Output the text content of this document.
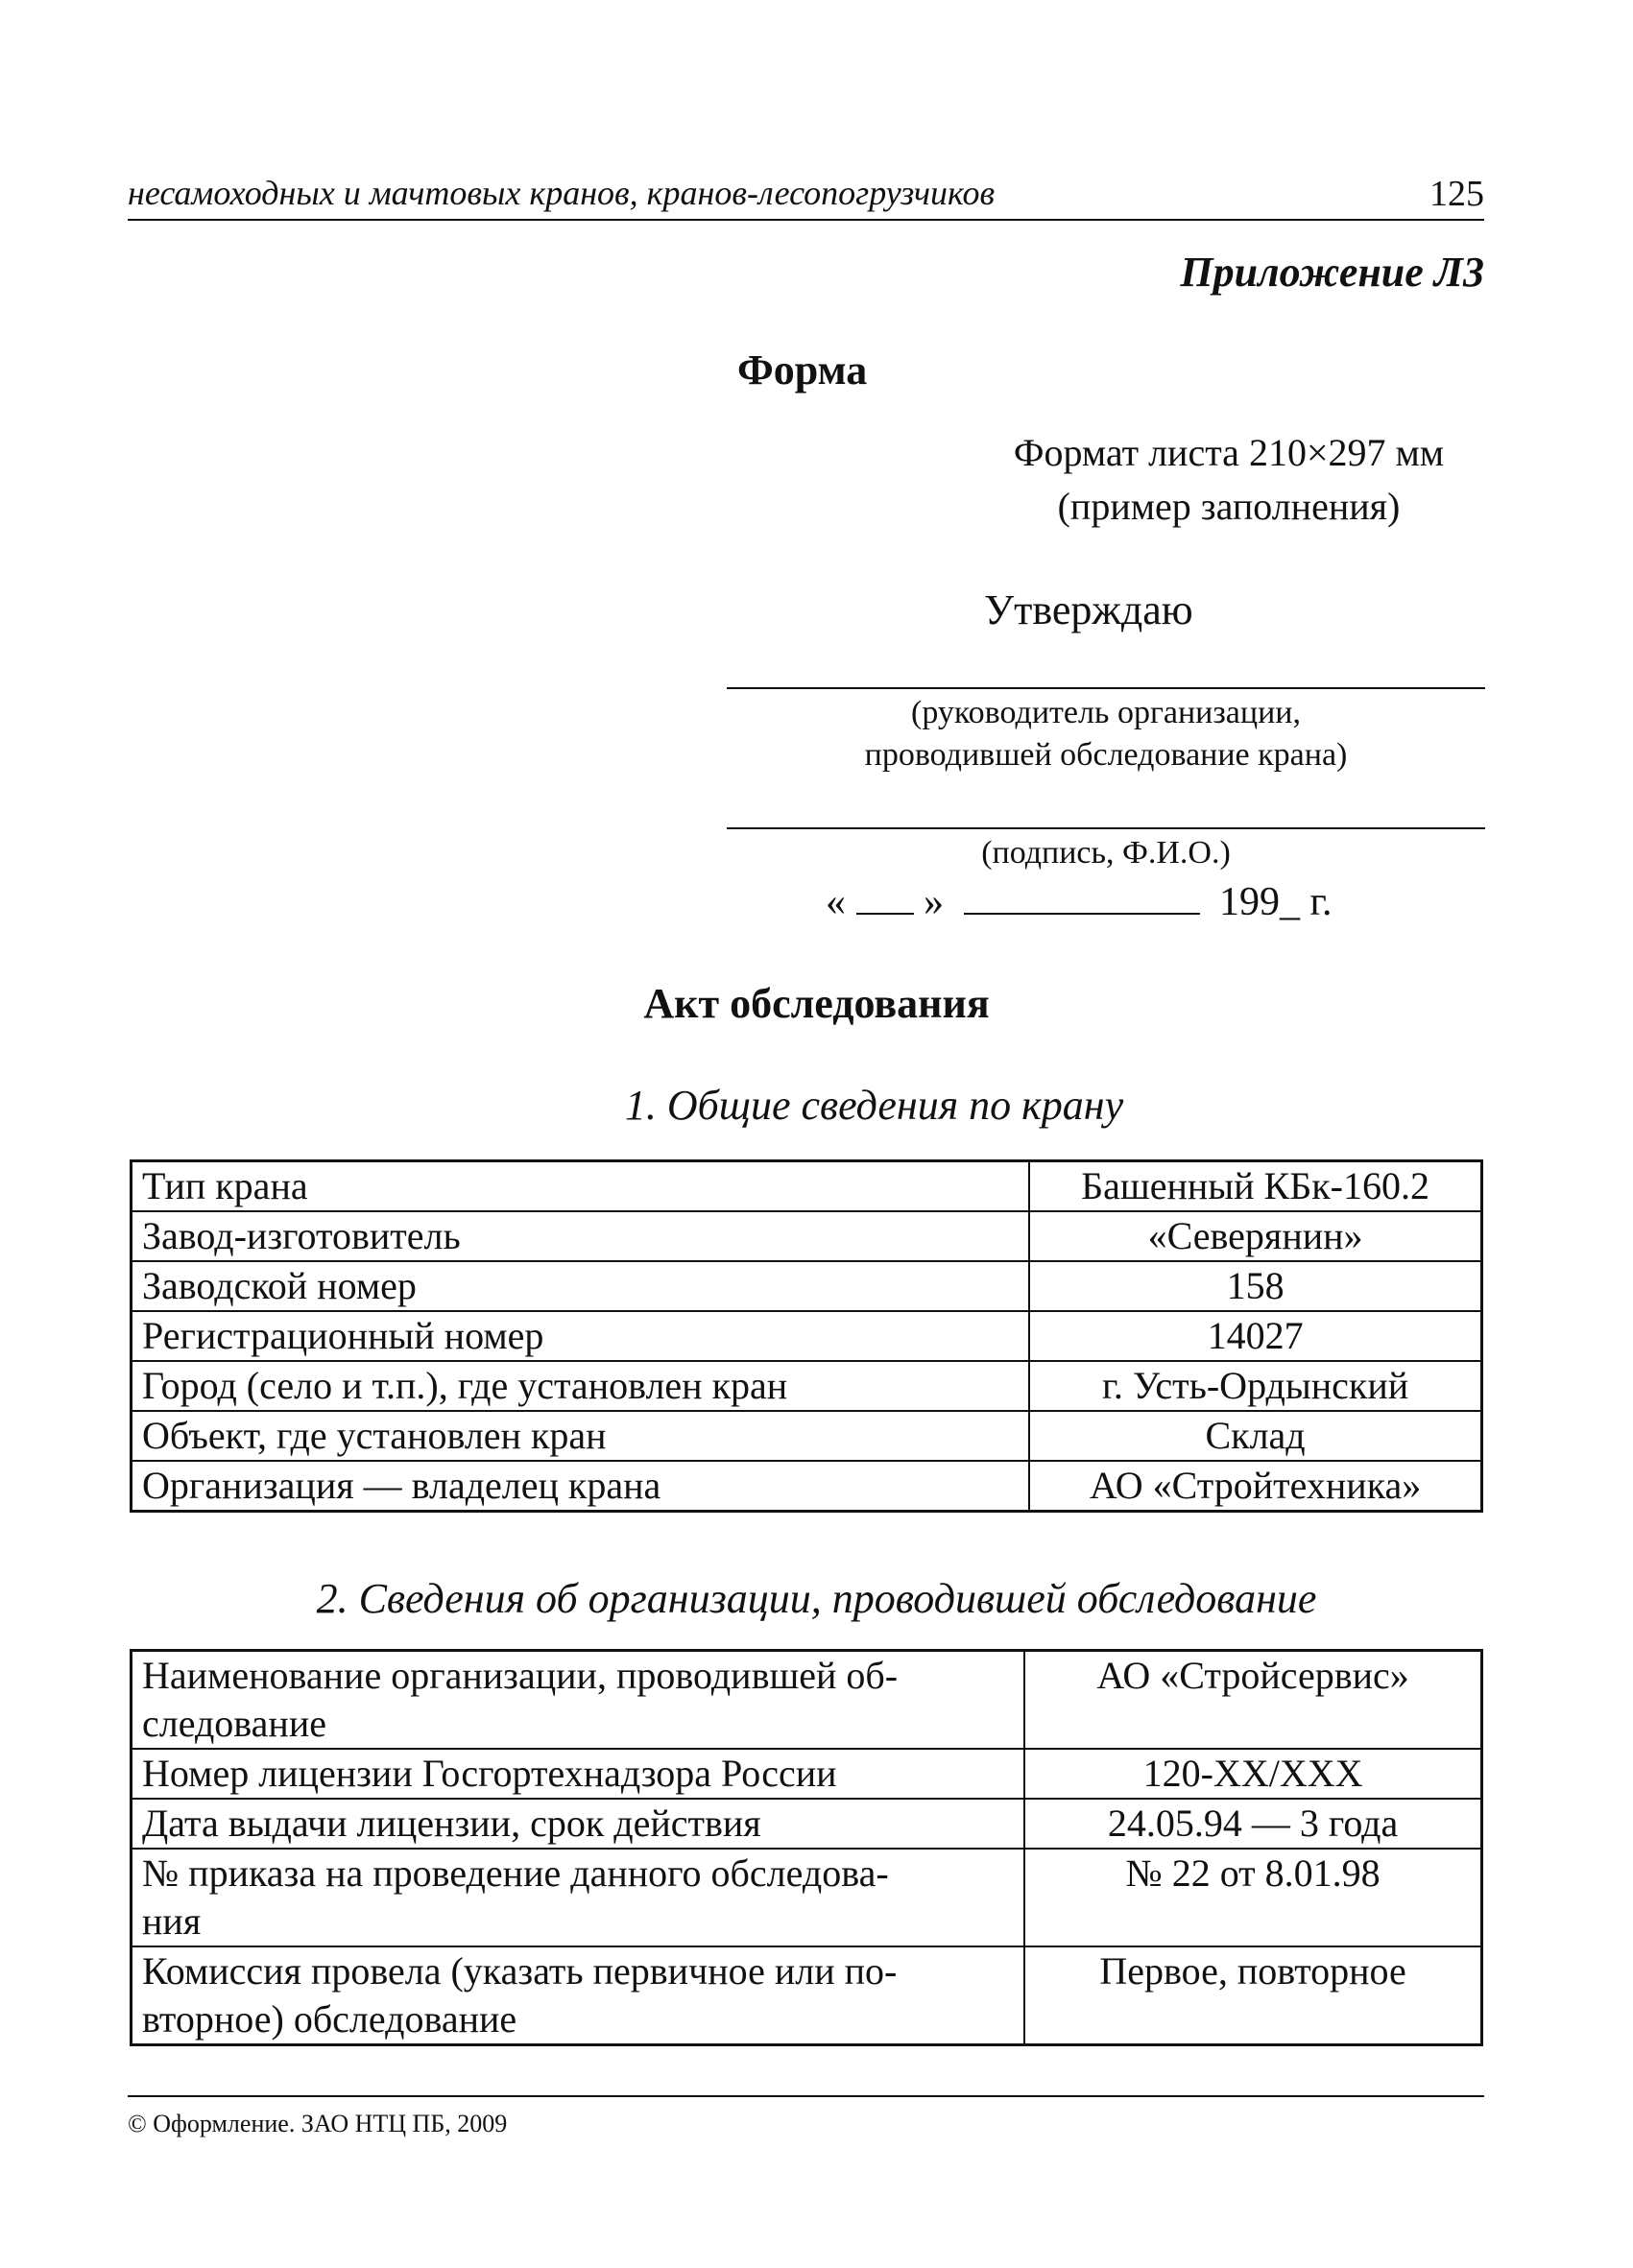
несамоходных и мачтовых кранов, кранов-лесопогрузчиков	125
Приложение Л3
Форма
Формат листа 210×297 мм
(пример заполнения)
Утверждаю
(руководитель организации,
проводившей обследование крана)
(подпись, Ф.И.О.)
« »	199_ г.
Акт обследования
1. Общие сведения по крану
Тип крана	Башенный КБк-160.2
Завод-изготовитель	«Северянин»
Заводской номер	158
Регистрационный номер	14027
Город (село и т.п.), где установлен кран	г. Усть-Ордынский
Объект, где установлен кран	Склад
Организация — владелец крана	АО «Стройтехника»
2. Сведения об организации, проводившей обследование
Наименование организации, проводившей об-
следование	АО «Стройсервис»
Номер лицензии Госгортехнадзора России	120-XX/XXX
Дата выдачи лицензии, срок действия	24.05.94 — 3 года

№ приказа на проведение данного обследова-
ния	№ 22 от 8.01.98

Комиссия провела (указать первичное или по-
вторное) обследование	Первое, повторное
© Оформление. ЗАО НТЦ ПБ, 2009
